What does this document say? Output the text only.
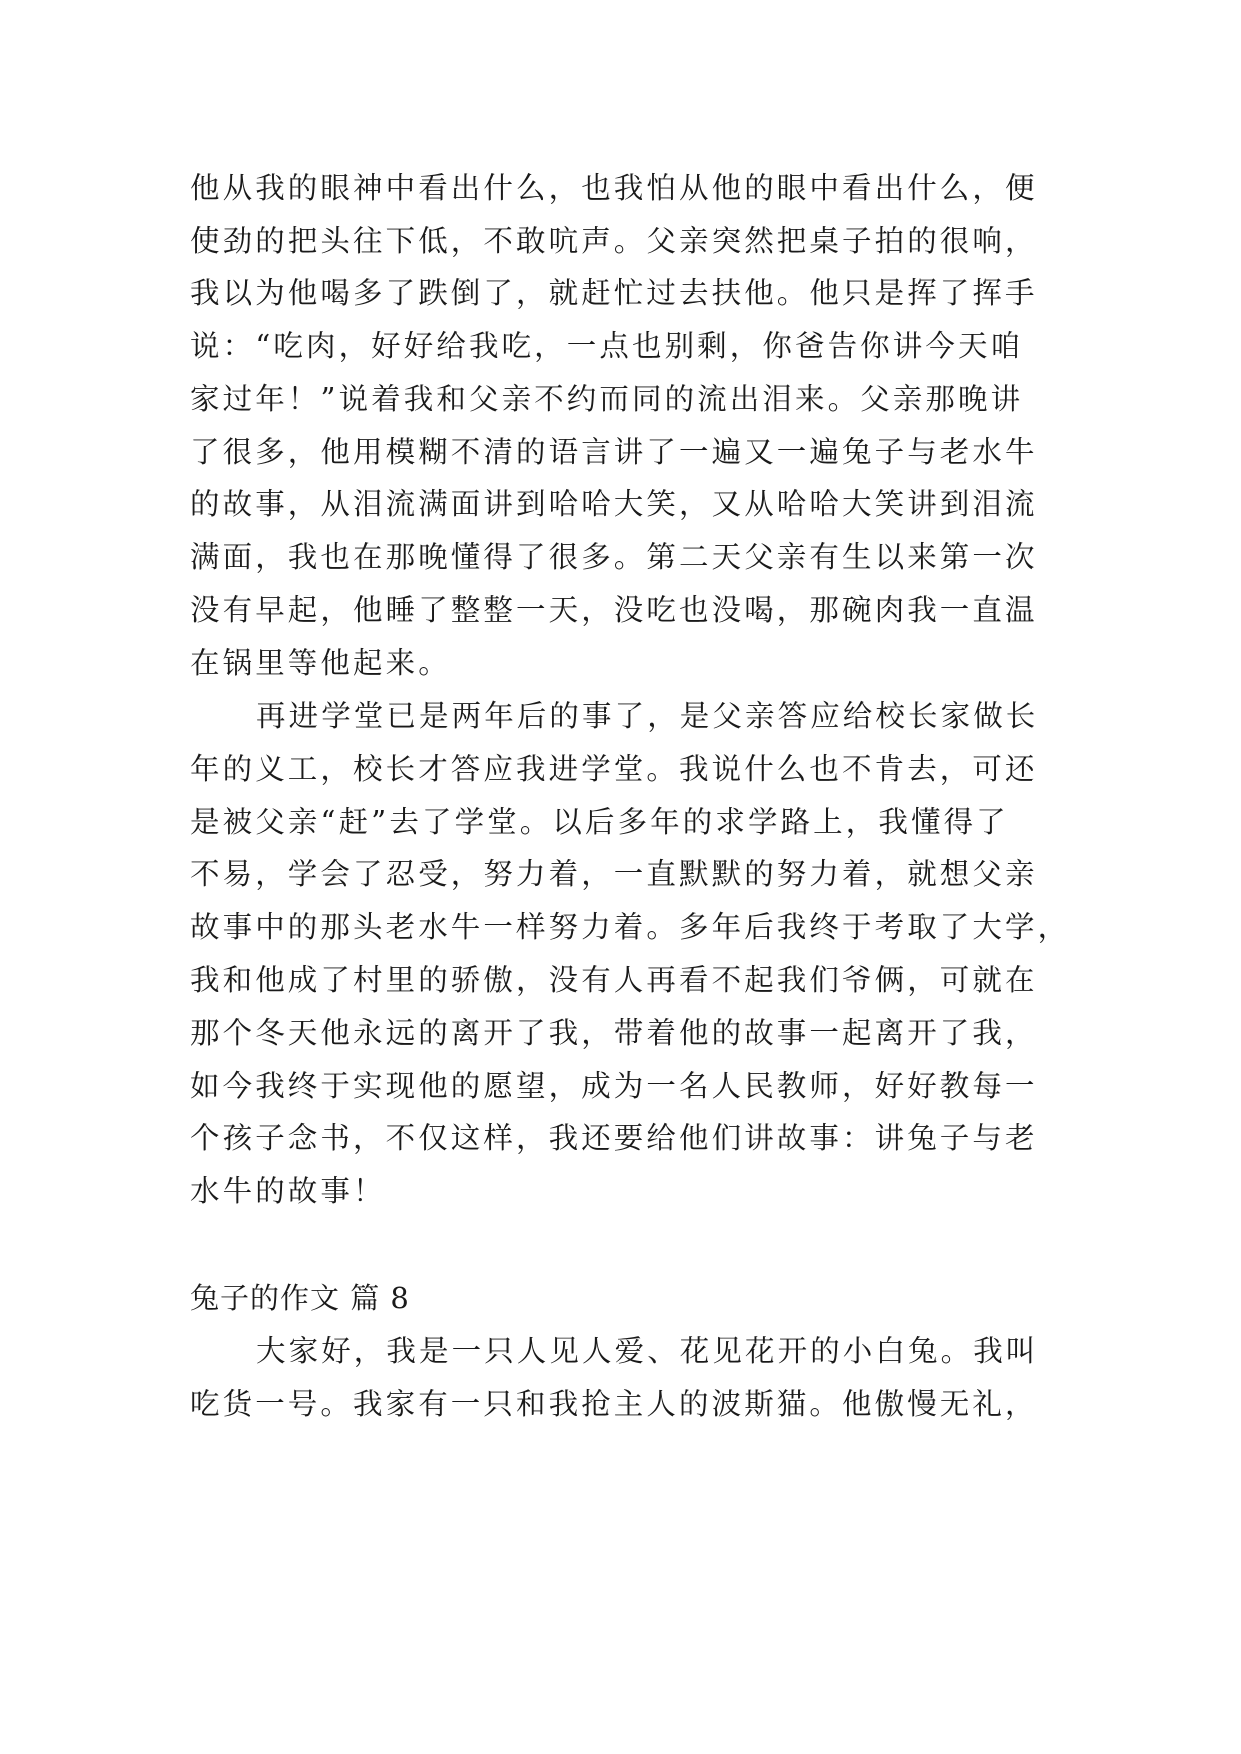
他从我的眼神中看出什么，也我怕从他的眼中看出什么，便
使劲的把头往下低，不敢吭声。父亲突然把桌子拍的很响，
我以为他喝多了跌倒了，就赶忙过去扶他。他只是挥了挥手
说：“吃肉，好好给我吃，一点也别剩，你爸告你讲今天咱
家过年！”说着我和父亲不约而同的流出泪来。父亲那晚讲
了很多，他用模糊不清的语言讲了一遍又一遍兔子与老水牛
的故事，从泪流满面讲到哈哈大笑，又从哈哈大笑讲到泪流
满面，我也在那晚懂得了很多。第二天父亲有生以来第一次
没有早起，他睡了整整一天，没吃也没喝，那碗肉我一直温
在锅里等他起来。
再进学堂已是两年后的事了，是父亲答应给校长家做长
年的义工，校长才答应我进学堂。我说什么也不肯去，可还
是被父亲“赶”去了学堂。以后多年的求学路上，我懂得了
不易，学会了忍受，努力着，一直默默的努力着，就想父亲
故事中的那头老水牛一样努力着。多年后我终于考取了大学，
我和他成了村里的骄傲，没有人再看不起我们爷俩，可就在
那个冬天他永远的离开了我，带着他的故事一起离开了我，
如今我终于实现他的愿望，成为一名人民教师，好好教每一
个孩子念书，不仅这样，我还要给他们讲故事：讲兔子与老
水牛的故事！
兔子的作文 篇 8
大家好，我是一只人见人爱、花见花开的小白兔。我叫
吃货一号。我家有一只和我抢主人的波斯猫。他傲慢无礼，
